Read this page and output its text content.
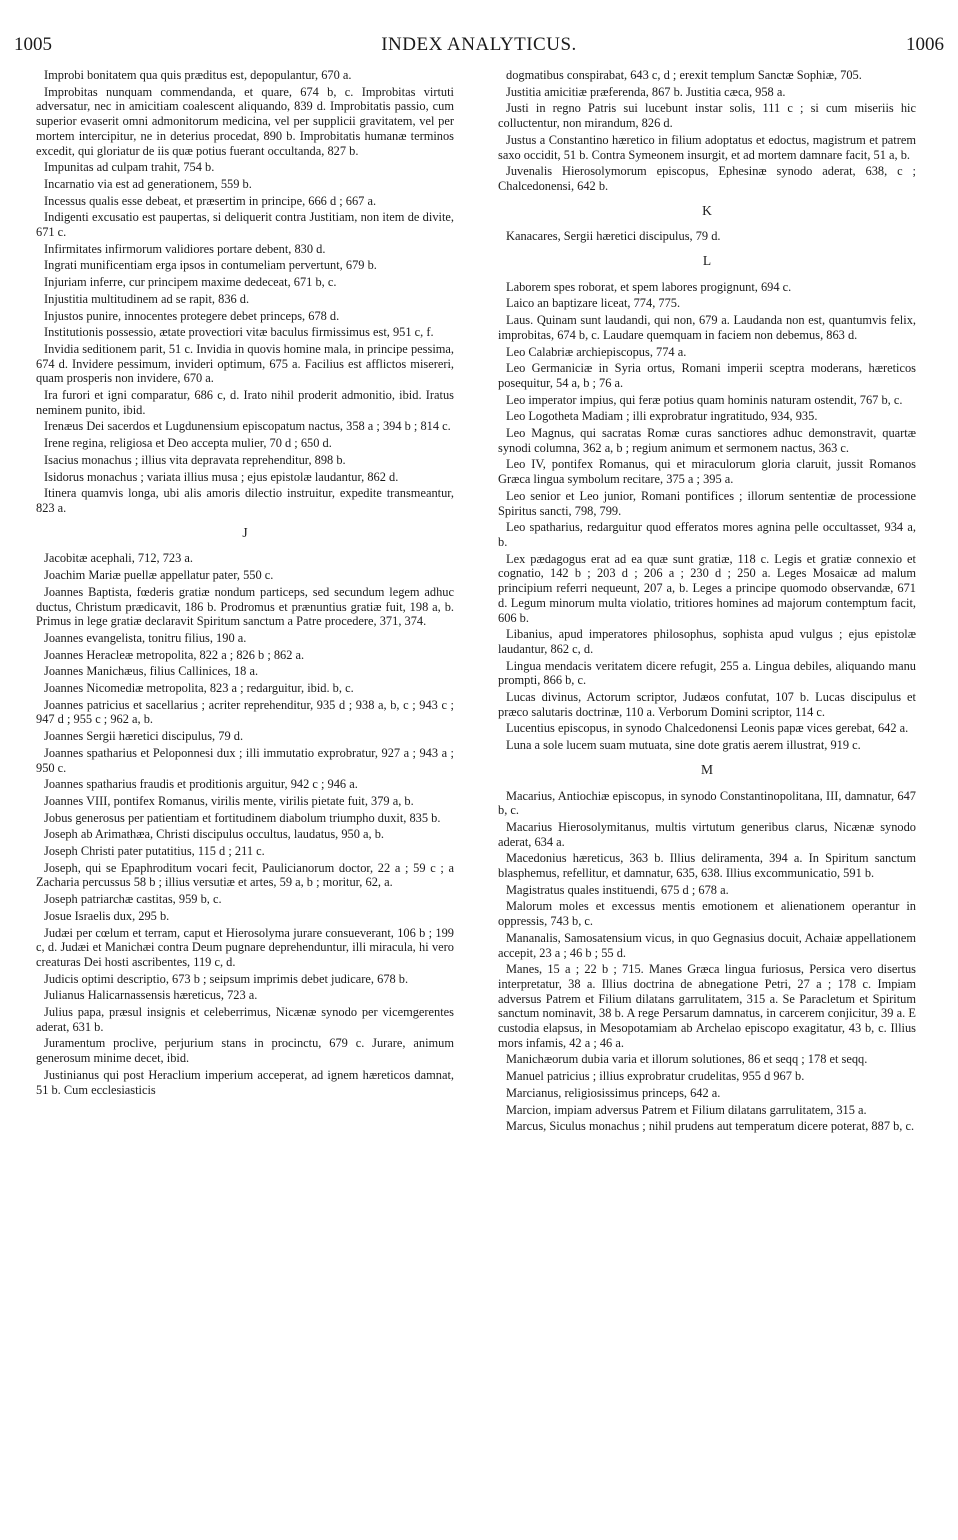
1005	INDEX ANALYTICUS.	1006

Improbi bonitatem qua quis præditus est, depopulantur, 670 a.

Improbitas nunquam commendanda, et quare, 674 b, c. Improbitas virtuti adversatur, nec in amicitiam coalescent aliquando, 839 d. Improbitatis passio, cum superior evaserit omni admonitorum medicina, vel per supplicii gravitatem, vel per mortem intercipitur, ne in deterius procedat, 890 b. Improbitatis humanæ terminos excedit, qui gloriatur de iis quæ potius fuerant occultanda, 827 b.

Impunitas ad culpam trahit, 754 b.

Incarnatio via est ad generationem, 559 b.

Incessus qualis esse debeat, et præsertim in principe, 666 d ; 667 a.

Indigenti excusatio est paupertas, si deliquerit contra Justitiam, non item de divite, 671 c.

Infirmitates infirmorum validiores portare debent, 830 d.

Ingrati munificentiam erga ipsos in contumeliam pervertunt, 679 b.

Injuriam inferre, cur principem maxime dedeceat, 671 b, c.

Injustitia multitudinem ad se rapit, 836 d.

Injustos punire, innocentes protegere debet princeps, 678 d.

Institutionis possessio, ætate provectiori vitæ baculus firmissimus est, 951 c, f.

Invidia seditionem parit, 51 c. Invidia in quovis homine mala, in principe pessima, 674 d. Invidere pessimum, invideri optimum, 675 a. Facilius est afflictos misereri, quam prosperis non invidere, 670 a.

Ira furori et igni comparatur, 686 c, d. Irato nihil proderit admonitio, ibid. Iratus neminem punito, ibid.

Irenæus Dei sacerdos et Lugdunensium episcopatum nactus, 358 a ; 394 b ; 814 c.

Irene regina, religiosa et Deo accepta mulier, 70 d ; 650 d.

Isacius monachus ; illius vita depravata reprehenditur, 898 b.

Isidorus monachus ; variata illius musa ; ejus epistolæ laudantur, 862 d.

Itinera quamvis longa, ubi alis amoris dilectio instruitur, expedite transmeantur, 823 a.

J

Jacobitæ acephali, 712, 723 a.

Joachim Mariæ puellæ appellatur pater, 550 c.

Joannes Baptista, fœderis gratiæ nondum particeps, sed secundum legem adhuc ductus, Christum prædicavit, 186 b. Prodromus et prænuntius gratiæ fuit, 198 a, b. Primus in lege gratiæ declaravit Spiritum sanctum a Patre procedere, 371, 374.

Joannes evangelista, tonitru filius, 190 a.

Joannes Heracleæ metropolita, 822 a ; 826 b ; 862 a.

Joannes Manichæus, filius Callinices, 18 a.

Joannes Nicomediæ metropolita, 823 a ; redarguitur, ibid. b, c.

Joannes patricius et sacellarius ; acriter reprehenditur, 935 d ; 938 a, b, c ; 943 c ; 947 d ; 955 c ; 962 a, b.

Joannes Sergii hæretici discipulus, 79 d.

Joannes spatharius et Peloponnesi dux ; illi immutatio exprobratur, 927 a ; 943 a ; 950 c.

Joannes spatharius fraudis et proditionis arguitur, 942 c ; 946 a.

Joannes VIII, pontifex Romanus, virilis mente, virilis pietate fuit, 379 a, b.

Jobus generosus per patientiam et fortitudinem diabolum triumpho duxit, 835 b.

Joseph ab Arimathæa, Christi discipulus occultus, laudatus, 950 a, b.

Joseph Christi pater putatitius, 115 d ; 211 c.

Joseph, qui se Epaphroditum vocari fecit, Paulicianorum doctor, 22 a ; 59 c ; a Zacharia percussus 58 b ; illius versutiæ et artes, 59 a, b ; moritur, 62, a.

Joseph patriarchæ castitas, 959 b, c.

Josue Israelis dux, 295 b.

Judæi per cœlum et terram, caput et Hierosolyma jurare consueverant, 106 b ; 199 c, d. Judæi et Manichæi contra Deum pugnare deprehenduntur, illi miracula, hi vero creaturas Dei hosti ascribentes, 119 c, d.

Judicis optimi descriptio, 673 b ; seipsum imprimis debet judicare, 678 b.

Julianus Halicarnassensis hæreticus, 723 a.

Julius papa, præsul insignis et celeberrimus, Nicænæ synodo per vicemgerentes aderat, 631 b.

Juramentum proclive, perjurium stans in procinctu, 679 c. Jurare, animum generosum minime decet, ibid.

Justinianus qui post Heraclium imperium acceperat, ad ignem hæreticos damnat, 51 b. Cum ecclesiasticis

dogmatibus conspirabat, 643 c, d ; erexit templum Sanctæ Sophiæ, 705.

Justitia amicitiæ præferenda, 867 b. Justitia cæca, 958 a.

Justi in regno Patris sui lucebunt instar solis, 111 c ; si cum miseriis hic colluctentur, non mirandum, 826 d.

Justus a Constantino hæretico in filium adoptatus et edoctus, magistrum et patrem saxo occidit, 51 b. Contra Symeonem insurgit, et ad mortem damnare facit, 51 a, b.

Juvenalis Hierosolymorum episcopus, Ephesinæ synodo aderat, 638, c ; Chalcedonensi, 642 b.

K

Kanacares, Sergii hæretici discipulus, 79 d.

L

Laborem spes roborat, et spem labores progignunt, 694 c.

Laico an baptizare liceat, 774, 775.

Laus. Quinam sunt laudandi, qui non, 679 a. Laudanda non est, quantumvis felix, improbitas, 674 b, c. Laudare quemquam in faciem non debemus, 863 d.

Leo Calabriæ archiepiscopus, 774 a.

Leo Germaniciæ in Syria ortus, Romani imperii sceptra moderans, hæreticos posequitur, 54 a, b ; 76 a.

Leo imperator impius, qui feræ potius quam hominis naturam ostendit, 767 b, c.

Leo Logotheta Madiam ; illi exprobratur ingratitudo, 934, 935.

Leo Magnus, qui sacratas Romæ curas sanctiores adhuc demonstravit, quartæ synodi columna, 362 a, b ; regium animum et sermonem nactus, 363 c.

Leo IV, pontifex Romanus, qui et miraculorum gloria claruit, jussit Romanos Græca lingua symbolum recitare, 375 a ; 395 a.

Leo senior et Leo junior, Romani pontifices ; illorum sententiæ de processione Spiritus sancti, 798, 799.

Leo spatharius, redarguitur quod efferatos mores agnina pelle occultasset, 934 a, b.

Lex pædagogus erat ad ea quæ sunt gratiæ, 118 c. Legis et gratiæ connexio et cognatio, 142 b ; 203 d ; 206 a ; 230 d ; 250 a. Leges Mosaicæ ad malum principium referri nequeunt, 207 a, b. Leges a principe quomodo observandæ, 671 d. Legum minorum multa violatio, tritiores homines ad majorum contemptum facit, 606 b.

Libanius, apud imperatores philosophus, sophista apud vulgus ; ejus epistolæ laudantur, 862 c, d.

Lingua mendacis veritatem dicere refugit, 255 a. Lingua debiles, aliquando manu prompti, 866 b, c.

Lucas divinus, Actorum scriptor, Judæos confutat, 107 b. Lucas discipulus et præco salutaris doctrinæ, 110 a. Verborum Domini scriptor, 114 c.

Lucentius episcopus, in synodo Chalcedonensi Leonis papæ vices gerebat, 642 a.

Luna a sole lucem suam mutuata, sine dote gratis aerem illustrat, 919 c.

M

Macarius, Antiochiæ episcopus, in synodo Constantinopolitana, III, damnatur, 647 b, c.

Macarius Hierosolymitanus, multis virtutum generibus clarus, Nicænæ synodo aderat, 634 a.

Macedonius hæreticus, 363 b. Illius deliramenta, 394 a. In Spiritum sanctum blasphemus, refellitur, et damnatur, 635, 638. Illius excommunicatio, 591 b.

Magistratus quales instituendi, 675 d ; 678 a.

Malorum moles et excessus mentis emotionem et alienationem operantur in oppressis, 743 b, c.

Mananalis, Samosatensium vicus, in quo Gegnasius docuit, Achaiæ appellationem accepit, 23 a ; 46 b ; 55 d.

Manes, 15 a ; 22 b ; 715. Manes Græca lingua furiosus, Persica vero disertus interpretatur, 38 a. Illius doctrina de abnegatione Petri, 27 a ; 178 c. Impiam adversus Patrem et Filium dilatans garrulitatem, 315 a. Se Paracletum et Spiritum sanctum nominavit, 38 b. A rege Persarum damnatus, in carcerem conjicitur, 39 a. E custodia elapsus, in Mesopotamiam ab Archelao episcopo exagitatur, 43 b, c. Illius mors infamis, 42 a ; 46 a.

Manichæorum dubia varia et illorum solutiones, 86 et seqq ; 178 et seqq.

Manuel patricius ; illius exprobratur crudelitas, 955 d 967 b.

Marcianus, religiosissimus princeps, 642 a.

Marcion, impiam adversus Patrem et Filium dilatans garrulitatem, 315 a.

Marcus, Siculus monachus ; nihil prudens aut temperatum dicere poterat, 887 b, c.
